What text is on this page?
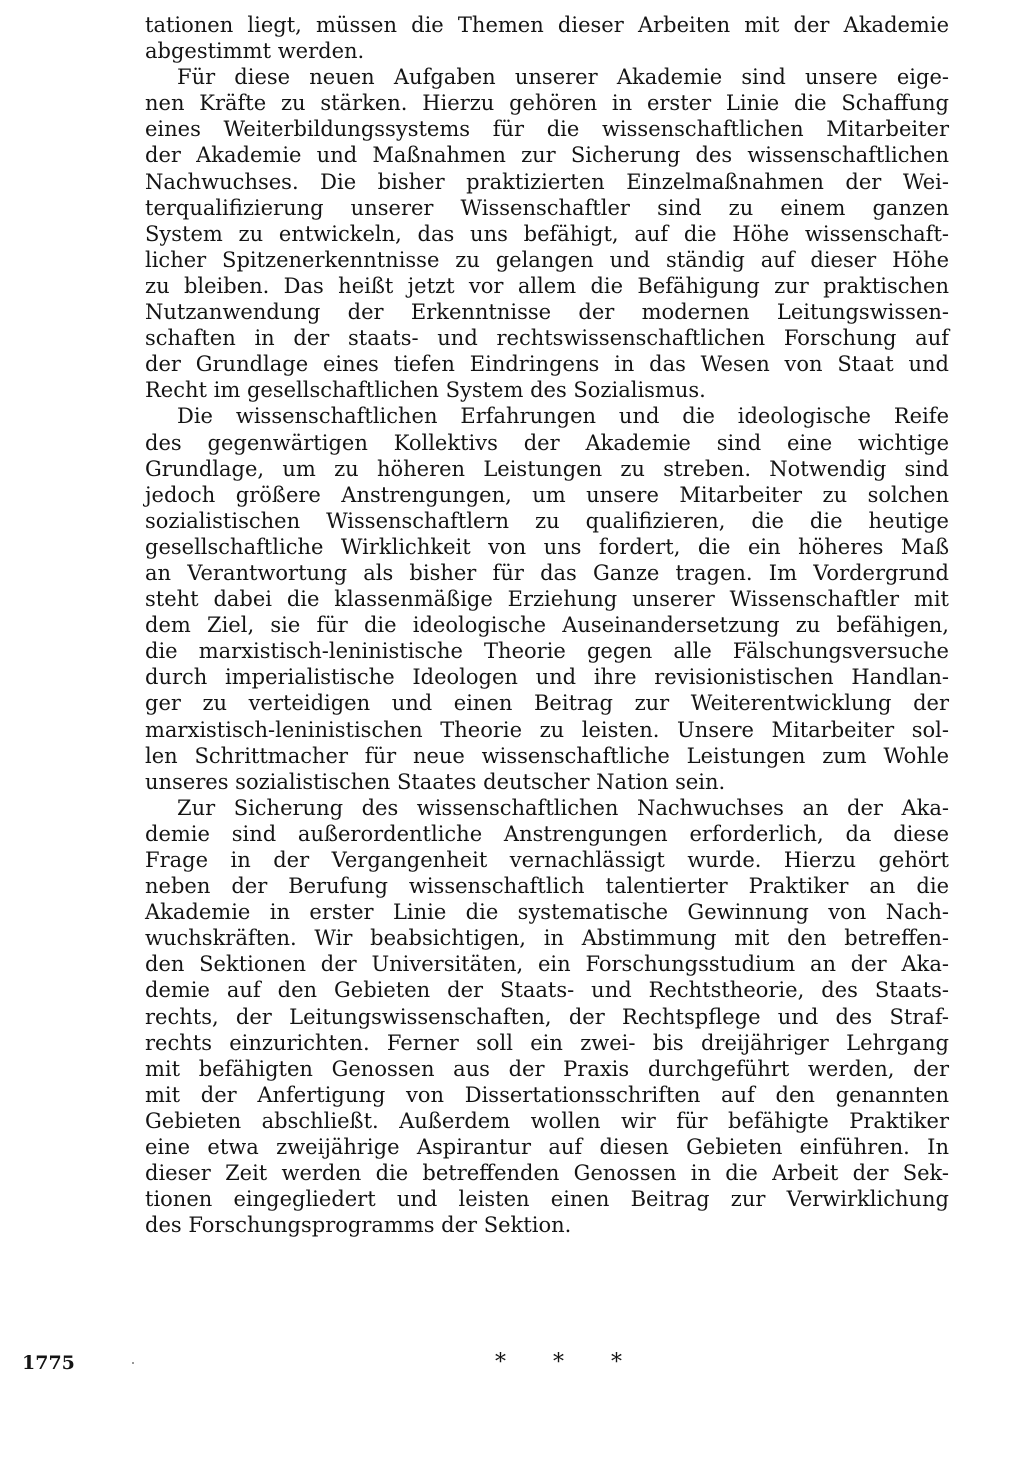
tationen liegt, müssen die Themen dieser Arbeiten mit der Akademie
abgestimmt werden.
Für diese neuen Aufgaben unserer Akademie sind unsere eige-
nen Kräfte zu stärken. Hierzu gehören in erster Linie die Schaffung
eines Weiterbildungssystems für die wissenschaftlichen Mitarbeiter
der Akademie und Maßnahmen zur Sicherung des wissenschaftlichen
Nachwuchses. Die bisher praktizierten Einzelmaßnahmen der Wei-
terqualifizierung unserer Wissenschaftler sind zu einem ganzen
System zu entwickeln, das uns befähigt, auf die Höhe wissenschaft-
licher Spitzenerkenntnisse zu gelangen und ständig auf dieser Höhe
zu bleiben. Das heißt jetzt vor allem die Befähigung zur praktischen
Nutzanwendung der Erkenntnisse der modernen Leitungswissen-
schaften in der staats- und rechtswissenschaftlichen Forschung auf
der Grundlage eines tiefen Eindringens in das Wesen von Staat und
Recht im gesellschaftlichen System des Sozialismus.
Die wissenschaftlichen Erfahrungen und die ideologische Reife
des gegenwärtigen Kollektivs der Akademie sind eine wichtige
Grundlage, um zu höheren Leistungen zu streben. Notwendig sind
jedoch größere Anstrengungen, um unsere Mitarbeiter zu solchen
sozialistischen Wissenschaftlern zu qualifizieren, die die heutige
gesellschaftliche Wirklichkeit von uns fordert, die ein höheres Maß
an Verantwortung als bisher für das Ganze tragen. Im Vordergrund
steht dabei die klassenmäßige Erziehung unserer Wissenschaftler mit
dem Ziel, sie für die ideologische Auseinandersetzung zu befähigen,
die marxistisch-leninistische Theorie gegen alle Fälschungsversuche
durch imperialistische Ideologen und ihre revisionistischen Handlan-
ger zu verteidigen und einen Beitrag zur Weiterentwicklung der
marxistisch-leninistischen Theorie zu leisten. Unsere Mitarbeiter sol-
len Schrittmacher für neue wissenschaftliche Leistungen zum Wohle
unseres sozialistischen Staates deutscher Nation sein.
Zur Sicherung des wissenschaftlichen Nachwuchses an der Aka-
demie sind außerordentliche Anstrengungen erforderlich, da diese
Frage in der Vergangenheit vernachlässigt wurde. Hierzu gehört
neben der Berufung wissenschaftlich talentierter Praktiker an die
Akademie in erster Linie die systematische Gewinnung von Nach-
wuchskräften. Wir beabsichtigen, in Abstimmung mit den betreffen-
den Sektionen der Universitäten, ein Forschungsstudium an der Aka-
demie auf den Gebieten der Staats- und Rechtstheorie, des Staats-
rechts, der Leitungswissenschaften, der Rechtspflege und des Straf-
rechts einzurichten. Ferner soll ein zwei- bis dreijähriger Lehrgang
mit befähigten Genossen aus der Praxis durchgeführt werden, der
mit der Anfertigung von Dissertationsschriften auf den genannten
Gebieten abschließt. Außerdem wollen wir für befähigte Praktiker
eine etwa zweijährige Aspirantur auf diesen Gebieten einführen. In
dieser Zeit werden die betreffenden Genossen in die Arbeit der Sek-
tionen eingegliedert und leisten einen Beitrag zur Verwirklichung
des Forschungsprogramms der Sektion.
1775	* * *
